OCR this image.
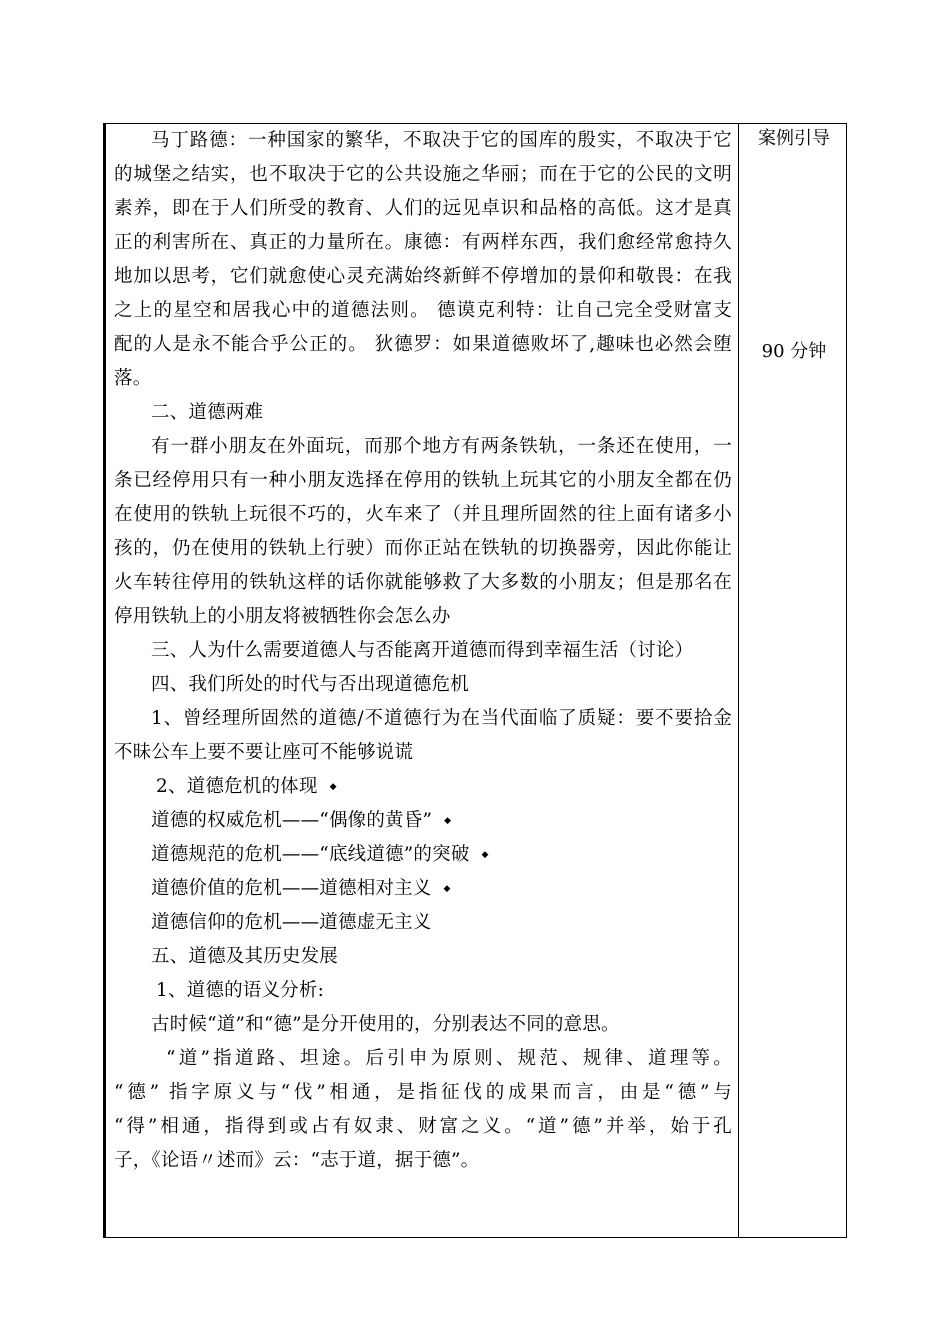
马丁路德：一种国家的繁华，不取决于它的国库的殷实，不取决于它
的城堡之结实，也不取决于它的公共设施之华丽；而在于它的公民的文明
素养，即在于人们所受的教育、人们的远见卓识和品格的高低。这才是真
正的利害所在、真正的力量所在。康德：有两样东西，我们愈经常愈持久
地加以思考，它们就愈使心灵充满始终新鲜不停增加的景仰和敬畏：在我
之上的星空和居我心中的道德法则。 德谟克利特：让自己完全受财富支
配的人是永不能合乎公正的。 狄德罗：如果道德败坏了,趣味也必然会堕
落。
二、道德两难
有一群小朋友在外面玩，而那个地方有两条铁轨，一条还在使用，一
条已经停用只有一种小朋友选择在停用的铁轨上玩其它的小朋友全都在仍
在使用的铁轨上玩很不巧的，火车来了（并且理所固然的往上面有诸多小
孩的，仍在使用的铁轨上行驶）而你正站在铁轨的切换器旁，因此你能让
火车转往停用的铁轨这样的话你就能够救了大多数的小朋友；但是那名在
停用铁轨上的小朋友将被牺牲你会怎么办
三、人为什么需要道德人与否能离开道德而得到幸福生活（讨论）
四、我们所处的时代与否出现道德危机
1、曾经理所固然的道德/不道德行为在当代面临了质疑：要不要拾金
不昧公车上要不要让座可不能够说谎
2、道德危机的体现 ◆
道德的权威危机——“偶像的黄昏” ◆
道德规范的危机——“底线道德”的突破 ◆
道德价值的危机——道德相对主义 ◆
道德信仰的危机——道德虚无主义
五、道德及其历史发展
1、道德的语义分析:
古时候“道”和“德”是分开使用的，分别表达不同的意思。
“道”指道路、坦途。后引申为原则、规范、规律、道理等。
“德” 指字原义与“伐”相通，是指征伐的成果而言，由是“德”与
“得”相通，指得到或占有奴隶、财富之义。“道”德”并举，始于孔
子，《论语〃述而》云：“志于道，据于德”。
案例引导
90 分钟
